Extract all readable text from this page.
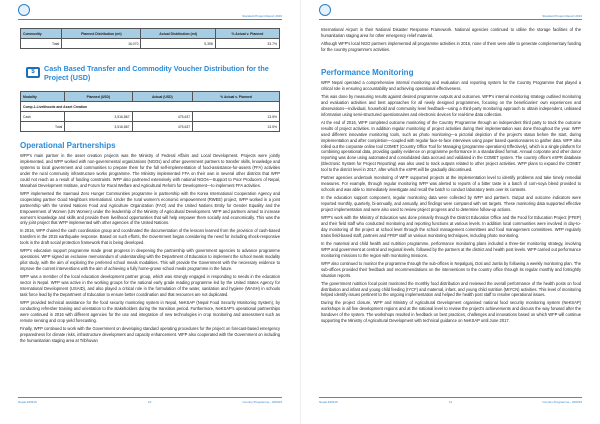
Standard Project Report 2016
Commodity	Planned Distribution (mt)	Actual Distribution (mt)	% Actual v. Planned
Total	16,070	5,398	33.7%
$	Cash Based Transfer and Commodity Voucher Distribution for the Project (USD)
Modality	Planned (USD)	Actual (USD)	% Actual v. Planned
Comp.1-Livelihoods and Asset Creation			
Cash	3,516,867	475,637	13.5%
Total	3,516,867	475,637	13.5%
Operational Partnerships

WFP's main partner in the asset creation projects was the Ministry of Federal Affairs and Local Development. Projects were jointly implemented, and WFP worked with non-governmental organizations (NGOs) and other government partners to transfer skills, knowledge and systems to local government and communities to prepare them for the full self-implementation of food-assistance-for-assets (FFA) activities under the rural community infrastructure works programme. The Ministry implemented FFA on their own in several other districts that WFP could not reach as a result of funding constraints. WFP also partnered extensively with national NGOs—Support to Poor Producers of Nepal, Manahari Development Institute, and Forum for Rural Welfare and Agricultural Reform for Development—to implement FFA activities.

WFP implemented the Saemaul Zero Hunger Communities programme in partnership with the Korea International Cooperation Agency and cooperating partner Good Neighbors International. Under the rural women's economic empowerment (RWEE) project, WFP worked in a joint partnership with the United Nations Food and Agriculture Organization (FAO) and the United Nations Entity for Gender Equality and the Empowerment of Women (UN Women) under the leadership of the Ministry of Agricultural Development. WFP and partners aimed to increase women's knowledge and skills and provide them livelihood opportunities that will help empower them socially and economically. This was the only joint project that WFP implemented with other agencies of the United Nations.

In 2016, WFP chaired the cash coordination group and coordinated the documentation of the lessons learned from the provision of cash-based transfers in the 2015 earthquake response. Based on such efforts, the Government began considering the need for including shock-responsive tools in the draft social protection framework that is being developed.

WFP's education support programme made great progress in deepening the partnership with government agencies to advance programme operations. WFP signed an exclusive memorandum of understanding with the Department of Education to implement the school meals modality pilot study, with the aim of exploring the preferred school meals modalities. This will provide the Government with the necessary evidence to improve the current interventions with the aim of achieving a fully home-grown school meals programme in the future.

WFP was a member of the local education development partner group, which was strongly engaged in responding to needs in the education sector in Nepal. WFP was active in the working groups for the national early grade reading programme led by the United States Agency for International Development (USAID), and also played a critical role in the formulation of the water, sanitation and hygiene (WASH) in schools task force lead by the Department of Education to ensure better coordination and that resources are not duplicated.

WFP provided technical assistance for the food security monitoring system in Nepal, NeKSAP (Nepal Food Security Monitoring System), by conducting refresher training and orientation to the stakeholders during the transition period. Furthermore, NeKSAP's operational partnerships were continued in 2016 with different agencies for the use and integration of new technologies in crop monitoring and assessment such as remote sensing and crop yield forecasting.

Finally, WFP continued to work with the Government on developing standard operating procedures for the project on forecast-based emergency preparedness for climate risks, infrastructure development and capacity enhancement. WFP also cooperated with the Government on including the humanitarian staging area at Tribhuvan

Nepal 200319	10	Country Programme - 200319
Standard Project Report 2016

International Airport in their National Disaster Response Framework. National agencies continued to utilise the storage facilities of the humanitarian staging area for other emergency relief material.

Although WFP's local NGO partners implemented all programme activities in 2016, none of them were able to generate complementary funding for the country programme's activities.

Performance Monitoring

WFP Nepal operated a comprehensive internal monitoring and evaluation and reporting system for the Country Programme that played a critical role in ensuring accountability and achieving operational effectiveness.

This was done by measuring results against desired programme outputs and outcomes. WFP's internal monitoring strategy outlined monitoring and evaluation activities and best approaches for all newly designed programmes, focusing on the beneficiaries' own experiences and observations—individual, household and community level feedback—using a third-party monitoring approach to obtain independent, unbiased information using semi-structured questionnaires and electronic devices for real-time data collection.

At the end of 2016, WFP completed outcome monitoring of the Country Programme through an independent third party to track the outcome results of project activities. In addition regular monitoring of project activities during their implementation was done throughout the year. WFP used different innovative monitoring tools, such as photo monitoring—a pictorial depiction of the project's status before the start, during implementation and after completion—coupled with regular face-to-face interviews using paper based questionnaires to gather data. WFP also rolled out the corporate online tool COMET (Country Office Tool for Managing (programme operations) Effectively), which is a single platform for combining operational data, providing quality evidence on programme performance in a standardised format. Annual corporate and other donor reporting was done using automated and consolidated data accrued and validated in the COMET system. The country office's eSPR database (Electronic System for Project Reporting) was also used to track outputs related to other project activities. WFP plans to expand the COMET tool to the district level in 2017, after which the eSPR will be gradually discontinued.

Partner agencies undertook monitoring of WFP supported projects at the implementation level to identify problems and take timely remedial measures. For example, through regular monitoring WFP was alerted to reports of a bitter taste in a batch of corn-soya blend provided to schools and was able to immediately investigate and recall the batch to conduct laboratory tests over its contents.

In the education support component, regular monitoring data were collected by WFP and partners. Output and outcome indicators were reported monthly, quarterly, bi-annually, and annually, and findings were compared with set targets. These monitoring data supported effective project implementation and were also used to review project progress and to determine follow-up actions.

WFP's work with the Ministry of Education was done primarily through the District Education Office and the Food for Education Project (FFEP) and their field staff who conducted monitoring and reporting functions at various levels. In addition local communities were involved in day-to-day monitoring of the project at school level through the school management committees and food management committees. WFP regularly trains field-based staff, partners and FFEP staff on various monitoring techniques, including photo monitoring.

In the maternal and child health and nutrition programme, performance monitoring plans included a three-tier monitoring strategy, involving WFP and government at central and regional levels, followed by the partners at the district and health post levels. WFP carried out performance monitoring missions to the region with monitoring missions.

WFP also continued to monitor the programme through the sub-offices in Nepalgunj, Doti and Jumla by following a weekly monitoring plan. The sub-offices provided their feedback and recommendations on the interventions to the country office through its regular monthly and fortnightly situation reports.

The government nutrition focal point monitored the monthly food distribution and reviewed the overall performance of the health posts on food distribution and infant and young child feeding (IYCF) and maternal, infant, and young child nutrition (MIYCN) activities. This level of monitoring helped identify issues pertinent to the ongoing implementation and helped the health post staff to resolve operational issues.

During the project closure, WFP and Ministry of Agricultural Development organised national food security monitoring system (NeKSAP) workshops in all five development regions and at the national level to review the project's achievements and discuss the way forward after the handover of the system. The workshops resulted in feedback on best practices, challenges and innovations based on which WFP will continue supporting the Ministry of Agricultural Development with technical guidance on NeKSAP until June 2017.

Nepal 200319	11	Country Programme - 200319
